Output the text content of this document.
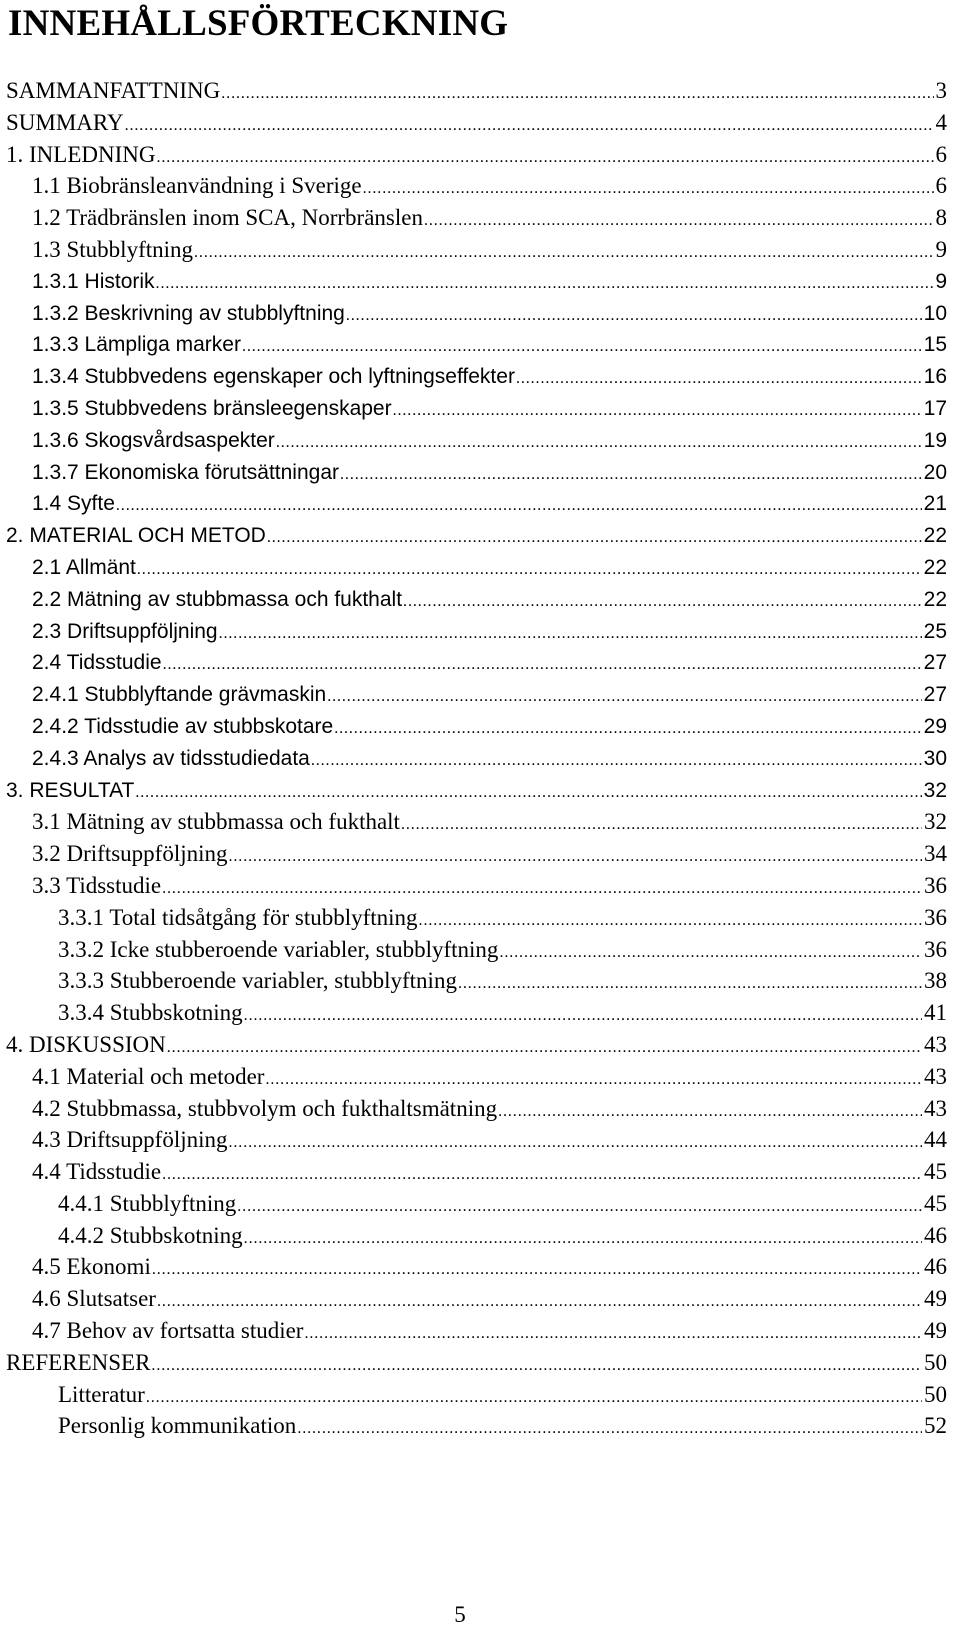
INNEHÅLLSFÖRTECKNING
SAMMANFATTNING . . .	3
SUMMARY . . .	4
1. INLEDNING . . .	6
1.1 Biobränsleanvändning i Sverige . . .	6
1.2 Trädbränslen inom SCA, Norrbränslen . . .	8
1.3 Stubblyftning . . .	9
1.3.1 Historik . . .	9
1.3.2 Beskrivning av stubblyftning . . .	10
1.3.3 Lämpliga marker . . .	15
1.3.4 Stubbvedens egenskaper och lyftningseffekter . . .	16
1.3.5 Stubbvedens bränsleegenskaper . . .	17
1.3.6 Skogsvårdsaspekter . . .	19
1.3.7 Ekonomiska förutsättningar . . .	20
1.4 Syfte . . .	21
2. MATERIAL OCH METOD . . .	22
2.1 Allmänt . . .	22
2.2 Mätning av stubbmassa och fukthalt . . .	22
2.3 Driftsuppföljning . . .	25
2.4 Tidsstudie . . .	27
2.4.1 Stubblyftande grävmaskin . . .	27
2.4.2 Tidsstudie av stubbskotare . . .	29
2.4.3 Analys av tidsstudiedata . . .	30
3. RESULTAT . . .	32
3.1 Mätning av stubbmassa och fukthalt . . .	32
3.2 Driftsuppföljning . . .	34
3.3 Tidsstudie . . .	36
3.3.1 Total tidsåtgång för stubblyftning . . .	36
3.3.2 Icke stubberoende variabler, stubblyftning . . .	36
3.3.3 Stubberoende variabler, stubblyftning . . .	38
3.3.4 Stubbskotning . . .	41
4. DISKUSSION . . .	43
4.1 Material och metoder . . .	43
4.2 Stubbmassa, stubbvolym och fukthaltsmätning . . .	43
4.3 Driftsuppföljning . . .	44
4.4 Tidsstudie . . .	45
4.4.1 Stubblyftning . . .	45
4.4.2 Stubbskotning . . .	46
4.5 Ekonomi . . .	46
4.6 Slutsatser . . .	49
4.7 Behov av fortsatta studier . . .	49
REFERENSER . . .	50
Litteratur . . .	50
Personlig kommunikation . . .	52
5
